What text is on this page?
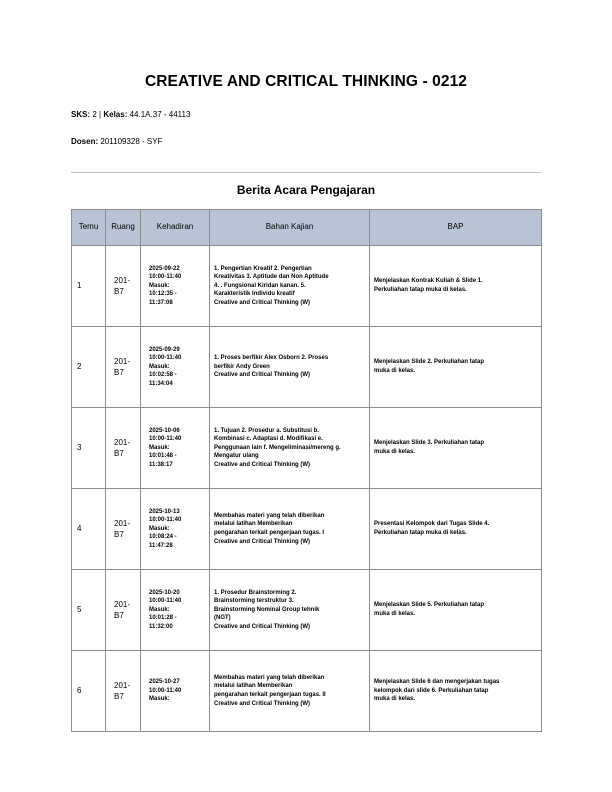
CREATIVE AND CRITICAL THINKING - 0212
SKS: 2 | Kelas: 44.1A.37 - 44113
Dosen: 201109328 - SYF
Berita Acara Pengajaran
Temu	Ruang	Kehadiran	Bahan Kajian	BAP
1	201-
B7	2025-09-22
10:00-11:40
Masuk:
10:12:35 -
11:37:08	1. Pengertian Kreatif 2. Pengertian
Kreativitas 3. Aptitude dan Non Aptitude
4. . Fungsional Kiridan kanan. 5.
Karakteristik Individu kreatif
Creative and Critical Thinking (W)	Menjelaskan Kontrak Kuliah & Slide 1.
Perkuliahan tatap muka di kelas.

2	201-
B7	2025-09-29
10:00-11:40
Masuk:
10:02:58 -
11:34:04	1. Proses berfikir Alex Osborn 2. Proses
berfikir Andy Green
Creative and Critical Thinking (W)	Menjelaskan Slide 2. Perkuliahan tatap
muka di kelas.

3	201-
B7	2025-10-06
10:00-11:40
Masuk:
10:01:48 -
11:38:17	1. Tujuan 2. Prosedur a. Substitusi b.
Kombinasi c. Adaptasi d. Modifikasi e.
Penggunaan lain f. Mengeliminasi/mereng g.
Mengatur ulang
Creative and Critical Thinking (W)	Menjelaskan Slide 3. Perkuliahan tatap
muka di kelas.

4	201-
B7	2025-10-13
10:00-11:40
Masuk:
10:08:24 -
11:47:28	Membahas materi yang telah diberikan
melalui latihan Memberikan
pengarahan terkait pengerjaan tugas. I
Creative and Critical Thinking (W)	Presentasi Kelompok dari Tugas Slide 4.
Perkuliahan tatap muka di kelas.

5	201-
B7	2025-10-20
10:00-11:40
Masuk:
10:01:28 -
11:32:00	1. Prosedur Brainstorming 2.
Brainstorming terstruktur 3.
Brainstorming Nominal Group tehnik
(NGT)
Creative and Critical Thinking (W)	Menjelaskan Slide 5. Perkuliahan tatap
muka di kelas.

6	201-
B7	2025-10-27
10:00-11:40
Masuk:	Membahas materi yang telah diberikan
melalui latihan Memberikan
pengarahan terkait pengerjaan tugas. II
Creative and Critical Thinking (W)	Menjelaskan Slide 6 dan mengerjakan tugas
kelompok dari slide 6. Perkuliahan tatap
muka di kelas.
